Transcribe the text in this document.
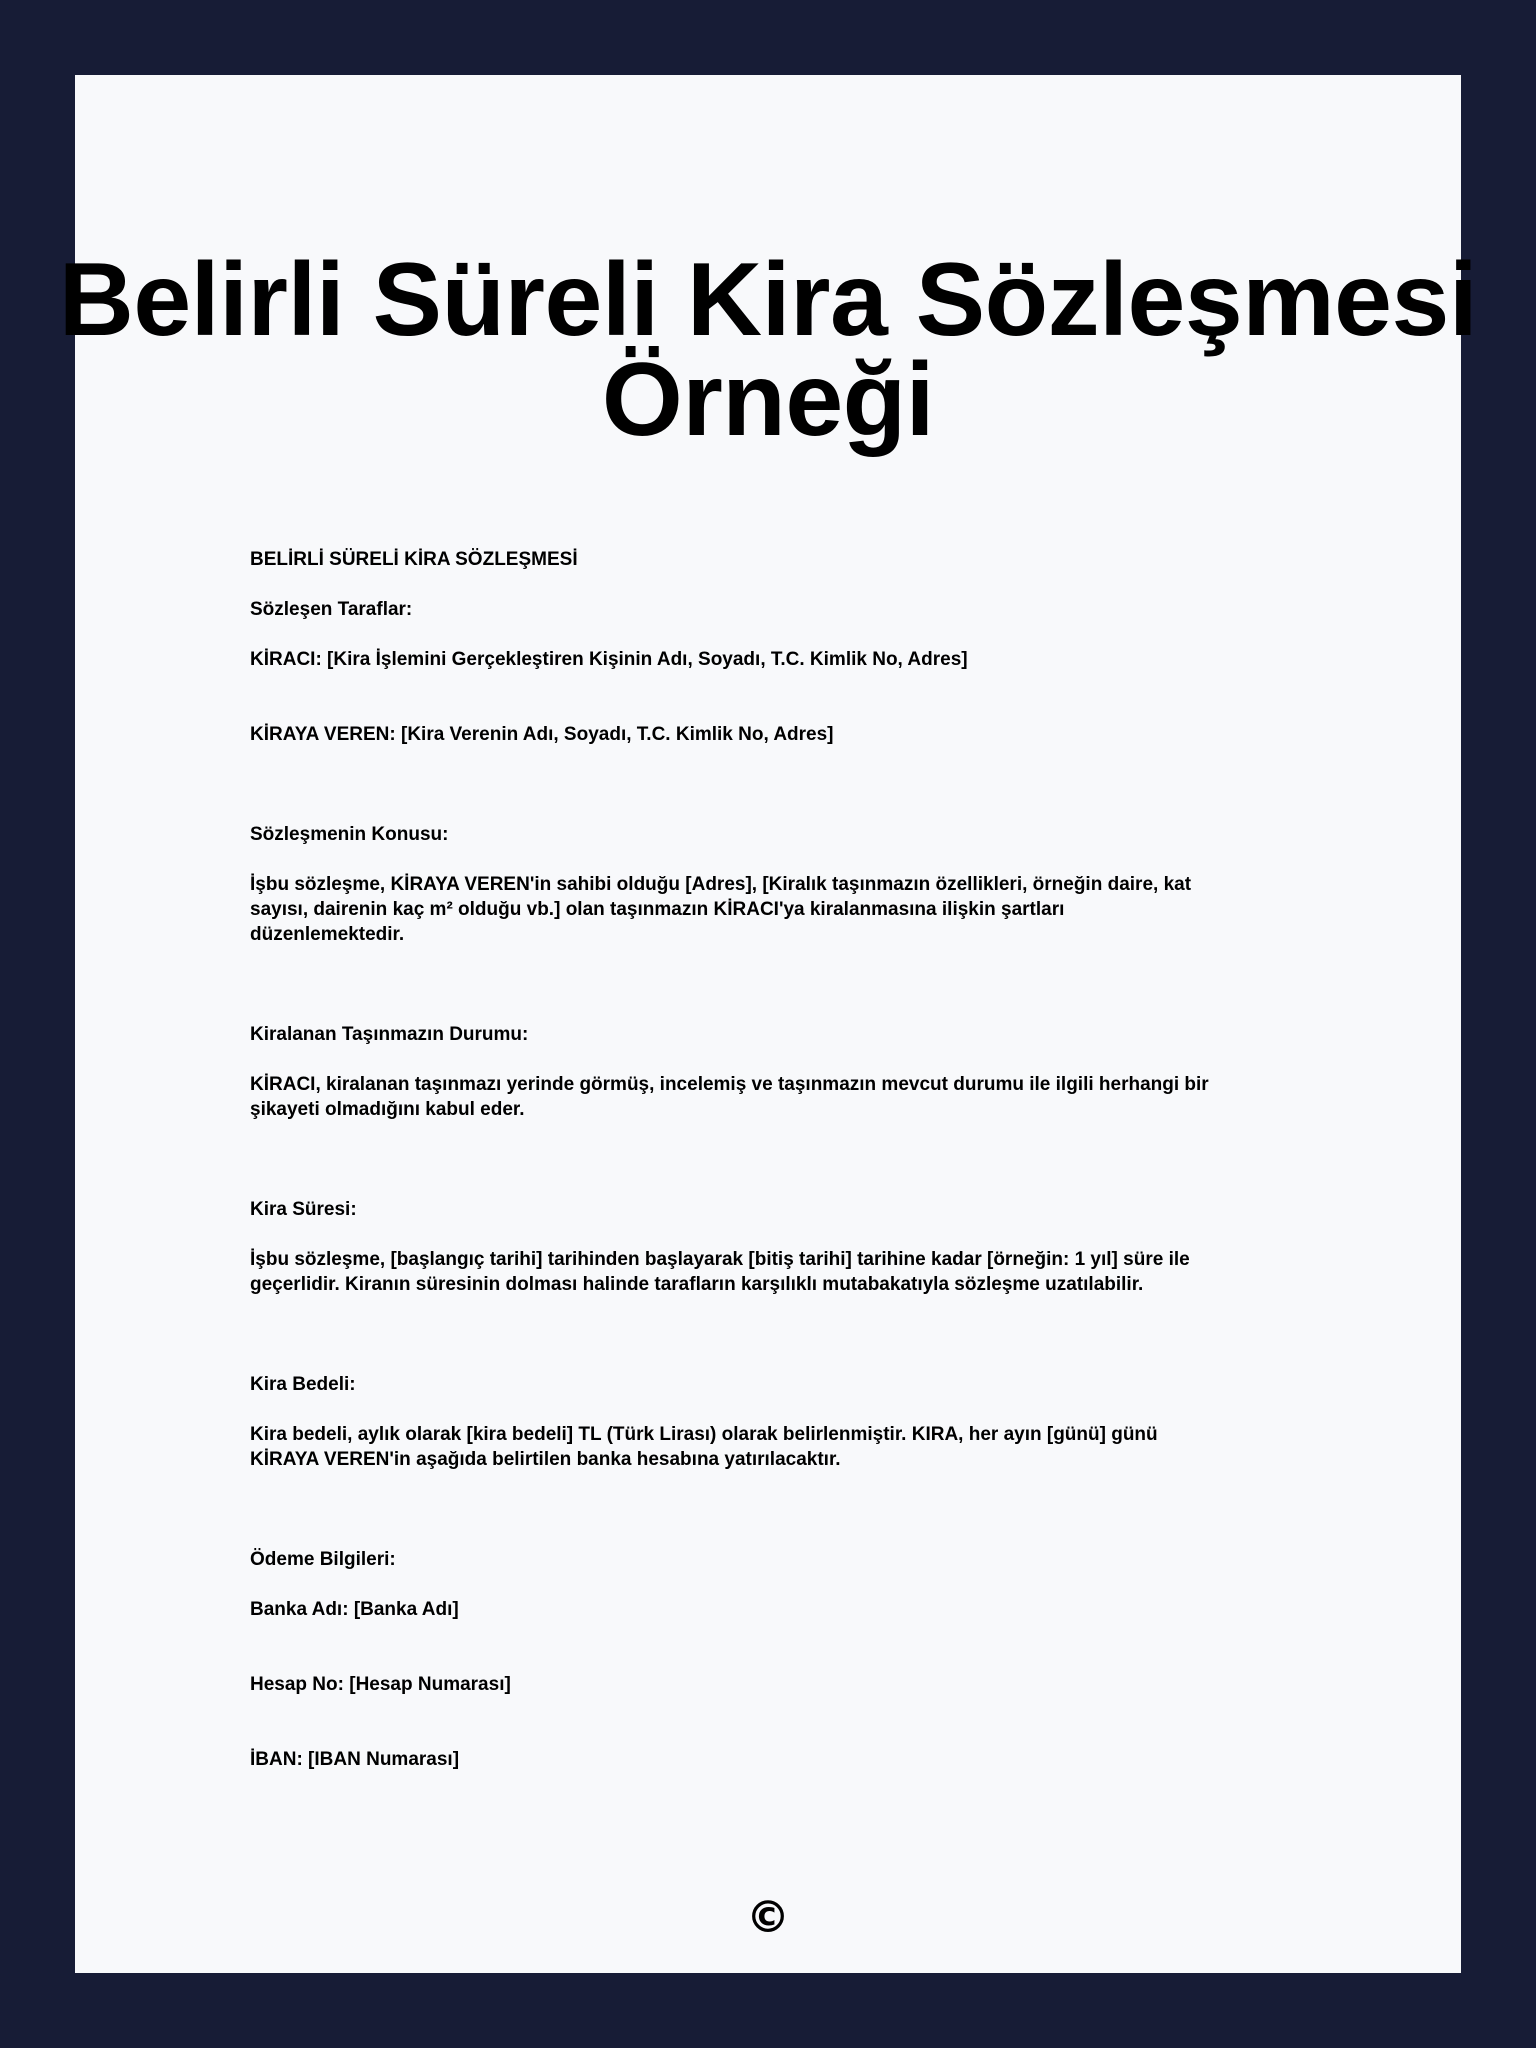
Belirli Süreli Kira Sözleşmesi
Örneği

BELİRLİ SÜRELİ KİRA SÖZLEŞMESİ

Sözleşen Taraflar:

KİRACI: [Kira İşlemini Gerçekleştiren Kişinin Adı, Soyadı, T.C. Kimlik No, Adres]

KİRAYA VEREN: [Kira Verenin Adı, Soyadı, T.C. Kimlik No, Adres]

Sözleşmenin Konusu:

İşbu sözleşme, KİRAYA VEREN'in sahibi olduğu [Adres], [Kiralık taşınmazın özellikleri, örneğin daire, kat

sayısı, dairenin kaç m² olduğu vb.] olan taşınmazın KİRACI'ya kiralanmasına ilişkin şartları

düzenlemektedir.

Kiralanan Taşınmazın Durumu:

KİRACI, kiralanan taşınmazı yerinde görmüş, incelemiş ve taşınmazın mevcut durumu ile ilgili herhangi bir

şikayeti olmadığını kabul eder.

Kira Süresi:

İşbu sözleşme, [başlangıç tarihi] tarihinden başlayarak [bitiş tarihi] tarihine kadar [örneğin: 1 yıl] süre ile

geçerlidir. Kiranın süresinin dolması halinde tarafların karşılıklı mutabakatıyla sözleşme uzatılabilir.

Kira Bedeli:

Kira bedeli, aylık olarak [kira bedeli] TL (Türk Lirası) olarak belirlenmiştir. KIRA, her ayın [günü] günü

KİRAYA VEREN'in aşağıda belirtilen banka hesabına yatırılacaktır.

Ödeme Bilgileri:

Banka Adı: [Banka Adı]

Hesap No: [Hesap Numarası]

İBAN: [IBAN Numarası]

©
